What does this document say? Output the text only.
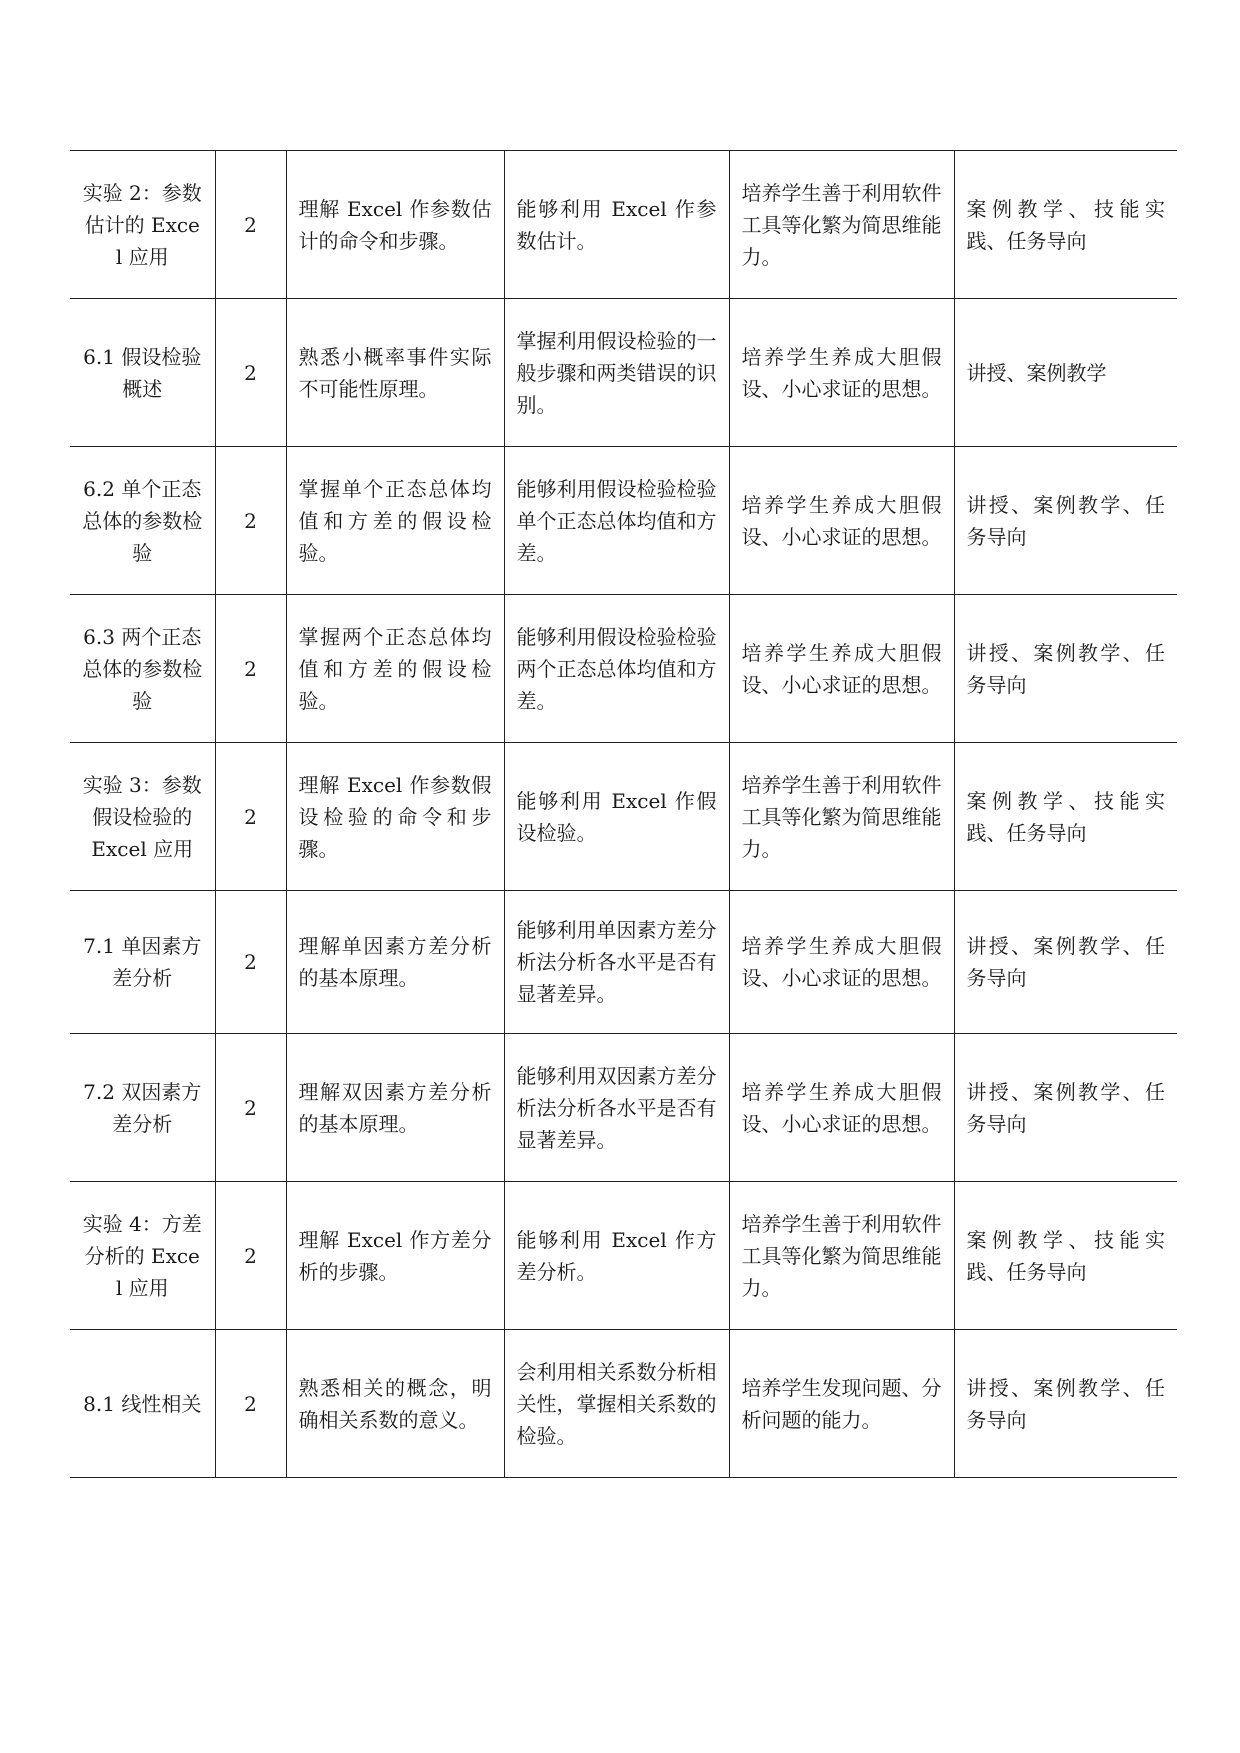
实验 2：参数估计的 Excel 应用	2	理解 Excel 作参数估计的命令和步骤。	能够利用 Excel 作参数估计。	培养学生善于利用软件工具等化繁为简思维能力。	案例教学、技能实践、任务导向
6.1 假设检验概述	2	熟悉小概率事件实际不可能性原理。	掌握利用假设检验的一般步骤和两类错误的识别。	培养学生养成大胆假设、小心求证的思想。	讲授、案例教学
6.2 单个正态总体的参数检验	2	掌握单个正态总体均值和方差的假设检验。	能够利用假设检验检验单个正态总体均值和方差。	培养学生养成大胆假设、小心求证的思想。	讲授、案例教学、任务导向
6.3 两个正态总体的参数检验	2	掌握两个正态总体均值和方差的假设检验。	能够利用假设检验检验两个正态总体均值和方差。	培养学生养成大胆假设、小心求证的思想。	讲授、案例教学、任务导向
实验 3：参数假设检验的 Excel 应用	2	理解 Excel 作参数假设检验的命令和步骤。	能够利用 Excel 作假设检验。	培养学生善于利用软件工具等化繁为简思维能力。	案例教学、技能实践、任务导向
7.1 单因素方差分析	2	理解单因素方差分析的基本原理。	能够利用单因素方差分析法分析各水平是否有显著差异。	培养学生养成大胆假设、小心求证的思想。	讲授、案例教学、任务导向
7.2 双因素方差分析	2	理解双因素方差分析的基本原理。	能够利用双因素方差分析法分析各水平是否有显著差异。	培养学生养成大胆假设、小心求证的思想。	讲授、案例教学、任务导向
实验 4：方差分析的 Excel 应用	2	理解 Excel 作方差分析的步骤。	能够利用 Excel 作方差分析。	培养学生善于利用软件工具等化繁为简思维能力。	案例教学、技能实践、任务导向
8.1 线性相关	2	熟悉相关的概念，明确相关系数的意义。	会利用相关系数分析相关性，掌握相关系数的检验。	培养学生发现问题、分析问题的能力。	讲授、案例教学、任务导向
